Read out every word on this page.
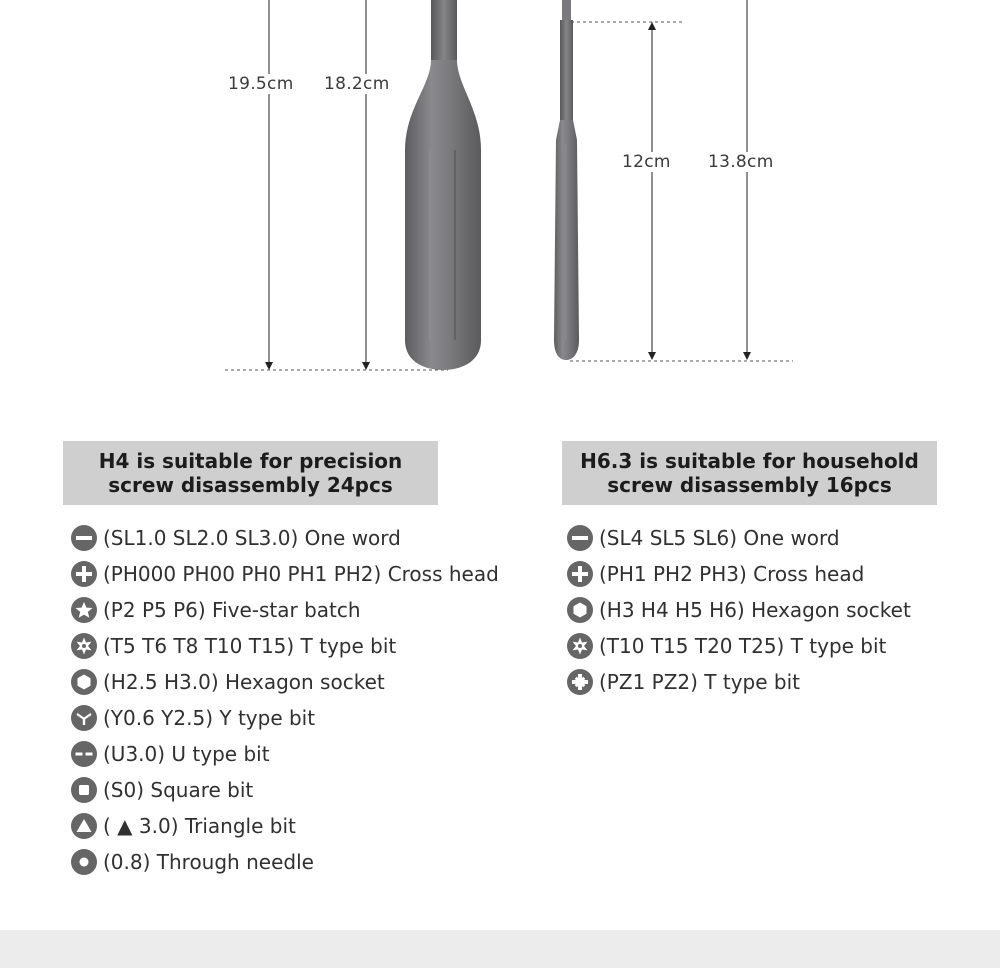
19.5cm 18.2cm
12cm 13.8cm
H4 is suitable for precision
screw disassembly 24pcs
H6.3 is suitable for household
screw disassembly 16pcs
(SL1.0 SL2.0 SL3.0) One word
(PH000 PH00 PH0 PH1 PH2) Cross head
(P2 P5 P6) Five-star batch
(T5 T6 T8 T10 T15) T type bit
(H2.5 H3.0) Hexagon socket
(Y0.6 Y2.5) Y type bit
(U3.0) U type bit
(S0) Square bit
( ▲ 3.0) Triangle bit
(0.8) Through needle
(SL4 SL5 SL6) One word
(PH1 PH2 PH3) Cross head
(H3 H4 H5 H6) Hexagon socket
(T10 T15 T20 T25) T type bit
(PZ1 PZ2) T type bit
